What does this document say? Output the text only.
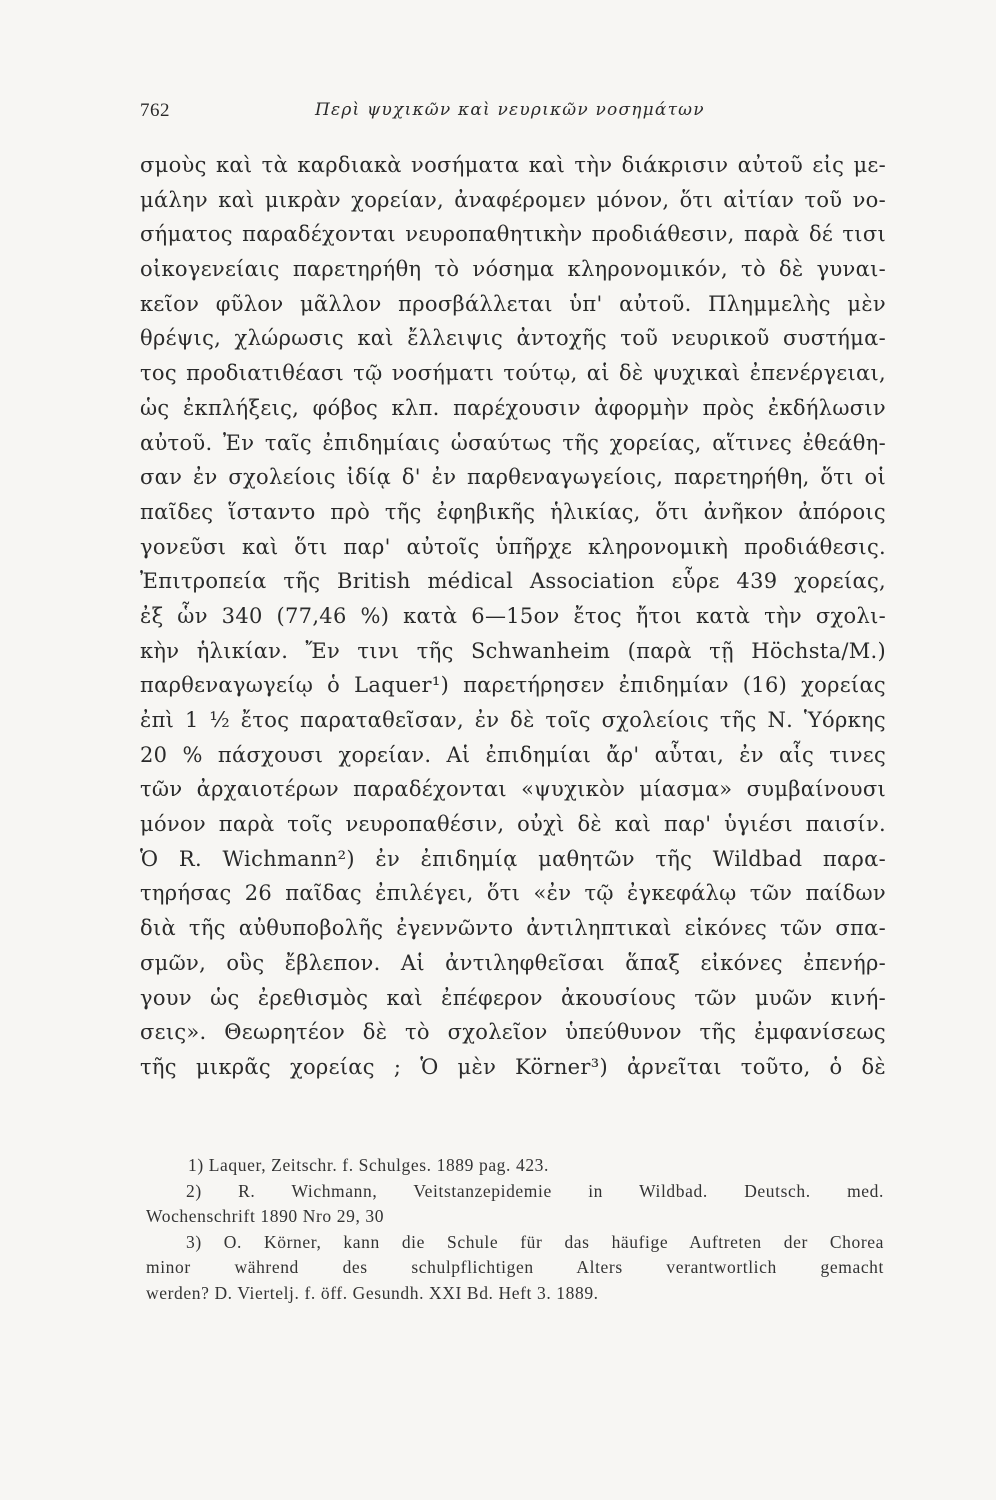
762	Περὶ ψυχικῶν καὶ νευρικῶν νοσημάτων
σμοὺς καὶ τὰ καρδιακὰ νοσήματα καὶ τὴν διάκρισιν αὐτοῦ εἰς με-
μάλην καὶ μικρὰν χορείαν, ἀναφέρομεν μόνον, ὅτι αἰτίαν τοῦ νο-
σήματος παραδέχονται νευροπαθητικὴν προδιάθεσιν, παρὰ δέ τισι
οἰκογενείαις παρετηρήθη τὸ νόσημα κληρονομικόν, τὸ δὲ γυναι-
κεῖον φῦλον μᾶλλον προσβάλλεται ὑπ' αὐτοῦ. Πλημμελὴς μὲν
θρέψις, χλώρωσις καὶ ἔλλειψις ἀντοχῆς τοῦ νευρικοῦ συστήμα-
τος προδιατιθέασι τῷ νοσήματι τούτῳ, αἱ δὲ ψυχικαὶ ἐπενέργειαι,
ὡς ἐκπλήξεις, φόβος κλπ. παρέχουσιν ἀφορμὴν πρὸς ἐκδήλωσιν
αὐτοῦ. Ἐν ταῖς ἐπιδημίαις ὡσαύτως τῆς χορείας, αἵτινες ἐθεάθη-
σαν ἐν σχολείοις ἰδίᾳ δ' ἐν παρθεναγωγείοις, παρετηρήθη, ὅτι οἱ
παῖδες ἵσταντο πρὸ τῆς ἐφηβικῆς ἡλικίας, ὅτι ἀνῆκον ἀπόροις
γονεῦσι καὶ ὅτι παρ' αὐτοῖς ὑπῆρχε κληρονομικὴ προδιάθεσις.
Ἐπιτροπεία τῆς British médical Association εὗρε 439 χορείας,
ἐξ ὧν 340 (77,46 %) κατὰ 6—15ον ἔτος ἤτοι κατὰ τὴν σχολι-
κὴν ἡλικίαν. Ἔν τινι τῆς Schwanheim (παρὰ τῇ Höchsta/M.)
παρθεναγωγείῳ ὁ Laquer¹) παρετήρησεν ἐπιδημίαν (16) χορείας
ἐπὶ 1 ½ ἔτος παραταθεῖσαν, ἐν δὲ τοῖς σχολείοις τῆς Ν. Ὑόρκης
20 % πάσχουσι χορείαν. Αἱ ἐπιδημίαι ἄρ' αὗται, ἐν αἷς τινες
τῶν ἀρχαιοτέρων παραδέχονται «ψυχικὸν μίασμα» συμβαίνουσι
μόνον παρὰ τοῖς νευροπαθέσιν, οὐχὶ δὲ καὶ παρ' ὑγιέσι παισίν.
Ὁ R. Wichmann²) ἐν ἐπιδημίᾳ μαθητῶν τῆς Wildbad παρα-
τηρήσας 26 παῖδας ἐπιλέγει, ὅτι «ἐν τῷ ἐγκεφάλῳ τῶν παίδων
διὰ τῆς αὐθυποβολῆς ἐγεννῶντο ἀντιληπτικαὶ εἰκόνες τῶν σπα-
σμῶν, οὓς ἔβλεπον. Αἱ ἀντιληφθεῖσαι ἅπαξ εἰκόνες ἐπενήρ-
γουν ὡς ἐρεθισμὸς καὶ ἐπέφερον ἀκουσίους τῶν μυῶν κινή-
σεις». Θεωρητέον δὲ τὸ σχολεῖον ὑπεύθυνον τῆς ἐμφανίσεως
τῆς μικρᾶς χορείας ; Ὁ μὲν Körner³) ἀρνεῖται τοῦτο, ὁ δὲ
1) Laquer, Zeitschr. f. Schulges. 1889 pag. 423.
2) R. Wichmann, Veitstanzepidemie in Wildbad. Deutsch. med.
Wochenschrift 1890 Nro 29, 30
3) O. Körner, kann die Schule für das häufige Auftreten der Chorea
minor während des schulpflichtigen Alters verantwortlich gemacht
werden? D. Viertelj. f. öff. Gesundh. XXI Bd. Heft 3. 1889.
